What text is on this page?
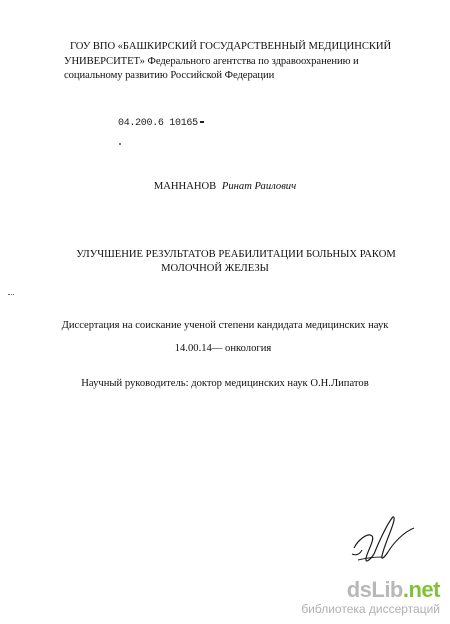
ГОУ ВПО «БАШКИРСКИЙ ГОСУДАРСТВЕННЫЙ МЕДИЦИНСКИЙ
УНИВЕРСИТЕТ» Федерального агентства по здравоохранению и
социальному развитию Российской Федерации
04.200.6 10165
МАННАНОВ Ринат Раилович
УЛУЧШЕНИЕ РЕЗУЛЬТАТОВ РЕАБИЛИТАЦИИ БОЛЬНЫХ РАКОМ
МОЛОЧНОЙ ЖЕЛЕЗЫ
Диссертация на соискание ученой степени кандидата медицинских наук
14.00.14— онкология
Научный руководитель: доктор медицинских наук О.Н.Липатов
dsLib.net
библиотека диссертаций
